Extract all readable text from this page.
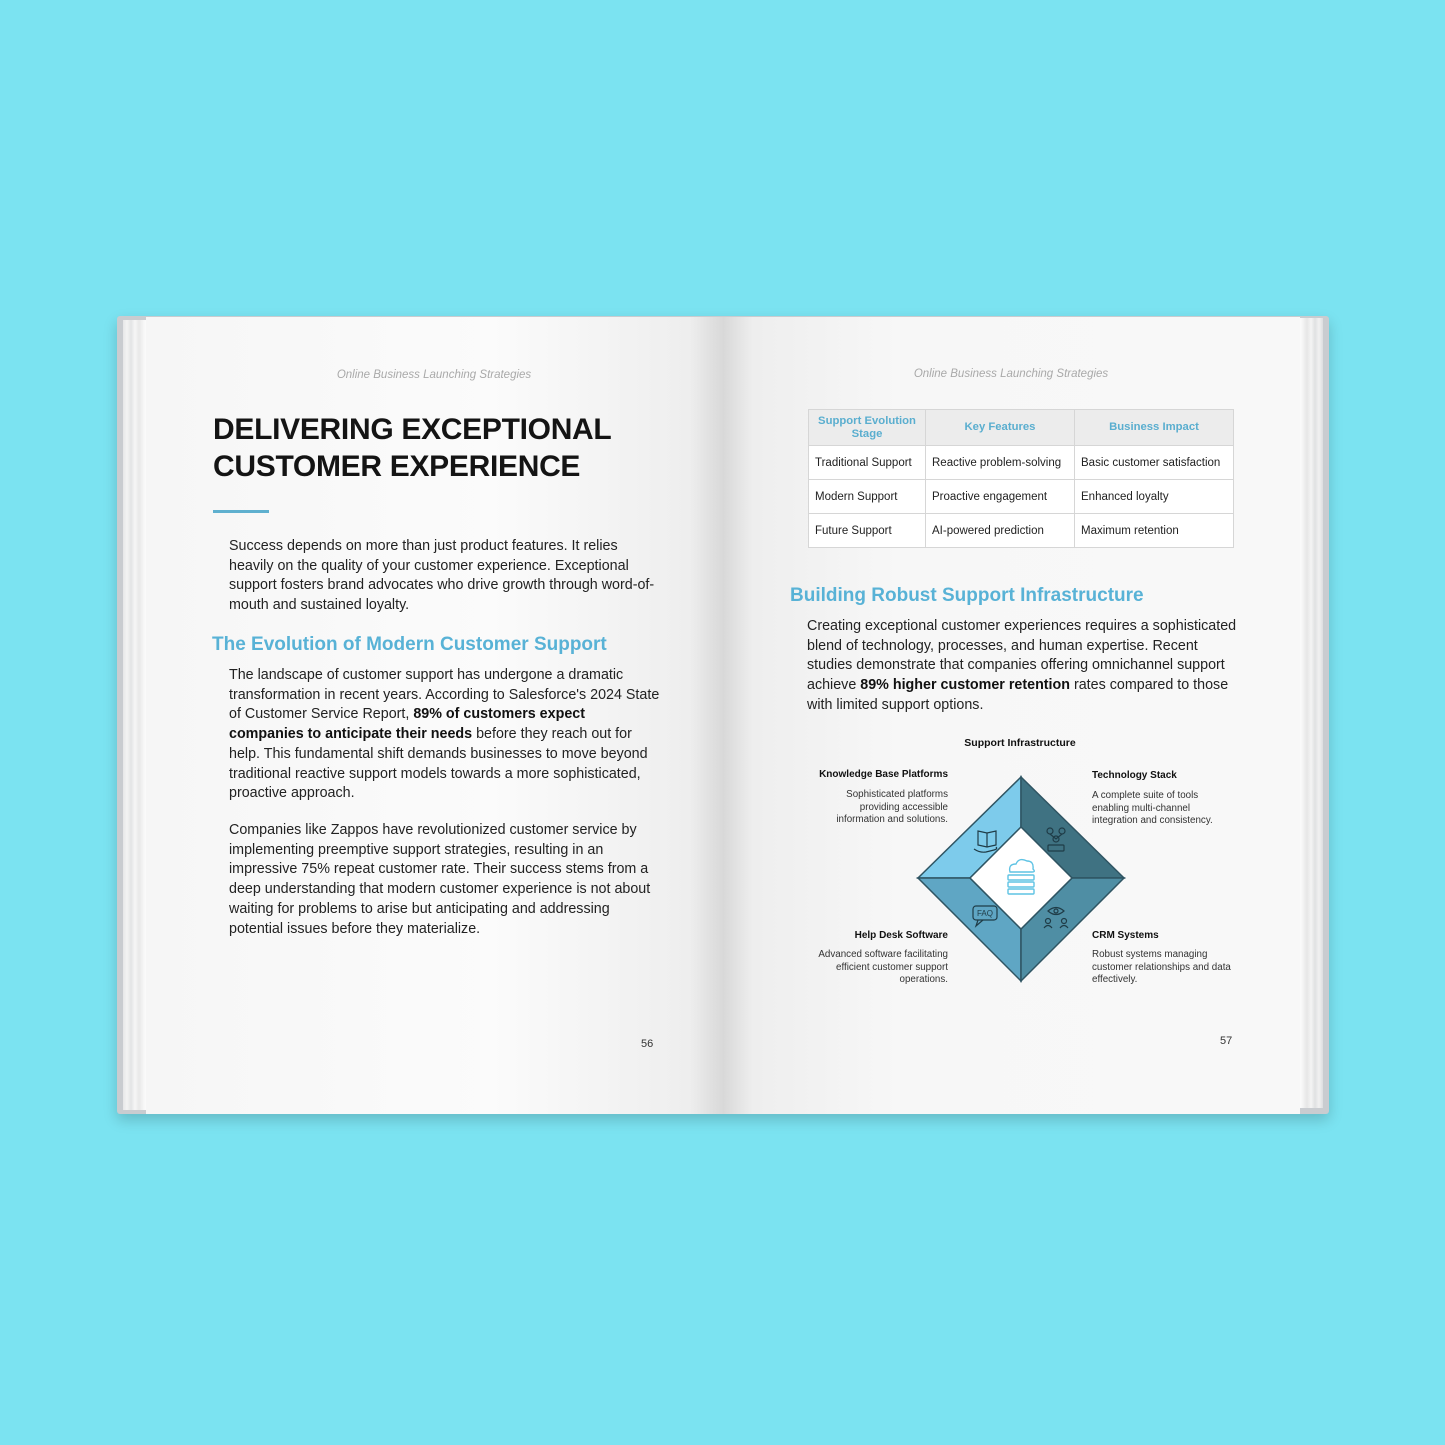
Online Business Launching Strategies
DELIVERING EXCEPTIONAL
CUSTOMER EXPERIENCE
Success depends on more than just product features. It relies heavily on the quality of your customer experience. Exceptional support fosters brand advocates who drive growth through word-of-mouth and sustained loyalty.
The Evolution of Modern Customer Support
The landscape of customer support has undergone a dramatic transformation in recent years. According to Salesforce's 2024 State of Customer Service Report, 89% of customers expect companies to anticipate their needs before they reach out for help. This fundamental shift demands businesses to move beyond traditional reactive support models towards a more sophisticated, proactive approach.
Companies like Zappos have revolutionized customer service by implementing preemptive support strategies, resulting in an impressive 75% repeat customer rate. Their success stems from a deep understanding that modern customer experience is not about waiting for problems to arise but anticipating and addressing potential issues before they materialize.
56
Online Business Launching Strategies
Support Evolution Stage	Key Features	Business Impact
Traditional Support	Reactive problem-solving	Basic customer satisfaction
Modern Support	Proactive engagement	Enhanced loyalty
Future Support	AI-powered prediction	Maximum retention
Building Robust Support Infrastructure
Creating exceptional customer experiences requires a sophisticated blend of technology, processes, and human expertise. Recent studies demonstrate that companies offering omnichannel support achieve 89% higher customer retention rates compared to those with limited support options.
Support Infrastructure
Knowledge Base Platforms
Sophisticated platforms providing accessible information and solutions.
Technology Stack
A complete suite of tools enabling multi-channel integration and consistency.
Help Desk Software
Advanced software facilitating efficient customer support operations.
CRM Systems
Robust systems managing customer relationships and data effectively.
FAQ
57
